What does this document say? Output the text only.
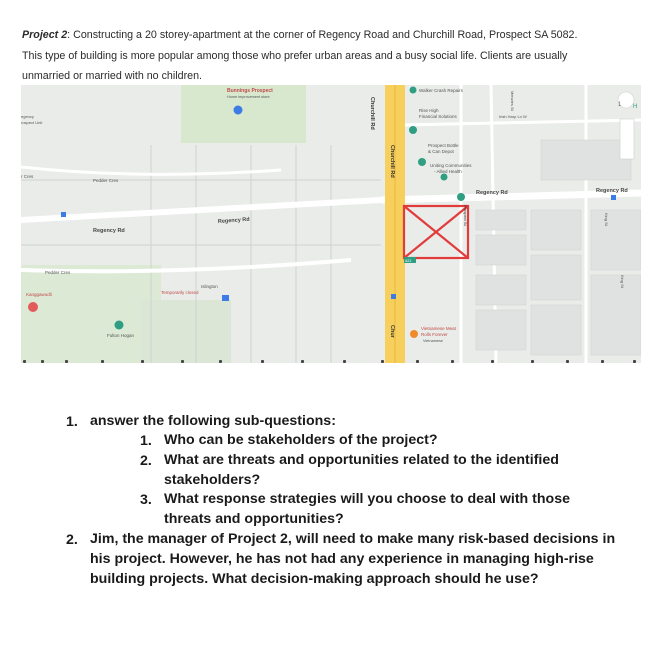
Project 2: Constructing a 20 storey-apartment at the corner of Regency Road and Churchill Road, Prospect SA 5082.
This type of building is more popular among those who prefer urban areas and a busy social life. Clients are usually
unmarried or married with no children.
Bunnings Prospect
Home improvement store
Walker Crash Repairs
Rise High
Financial Solutions	Irish Harp Ln W
egency
rospect Unit
Prospect Bottle
& Can Depot
Uniting Communities
- Allied Health
Regency Rd	Regency Rd
Regency Rd
Regency Rd
Pedder Cres
Pedder Cres
r Cres
Churchill Rd
Churchill Rd
Chur
Prospect St
Menzies St
Kanggawodli
Islington
Temporarily closed
Fulton Hogan
Vietnamese Meat
Rolls Forever
Vietnamese
King St
King St
A21
1 H
1. answer the following sub-questions:
1. Who can be stakeholders of the project?
2. What are threats and opportunities related to the identified
stakeholders?
3. What response strategies will you choose to deal with those
threats and opportunities?
2. Jim, the manager of Project 2, will need to make many risk-based decisions in
his project. However, he has not had any experience in managing high-rise
building projects. What decision-making approach should he use?
